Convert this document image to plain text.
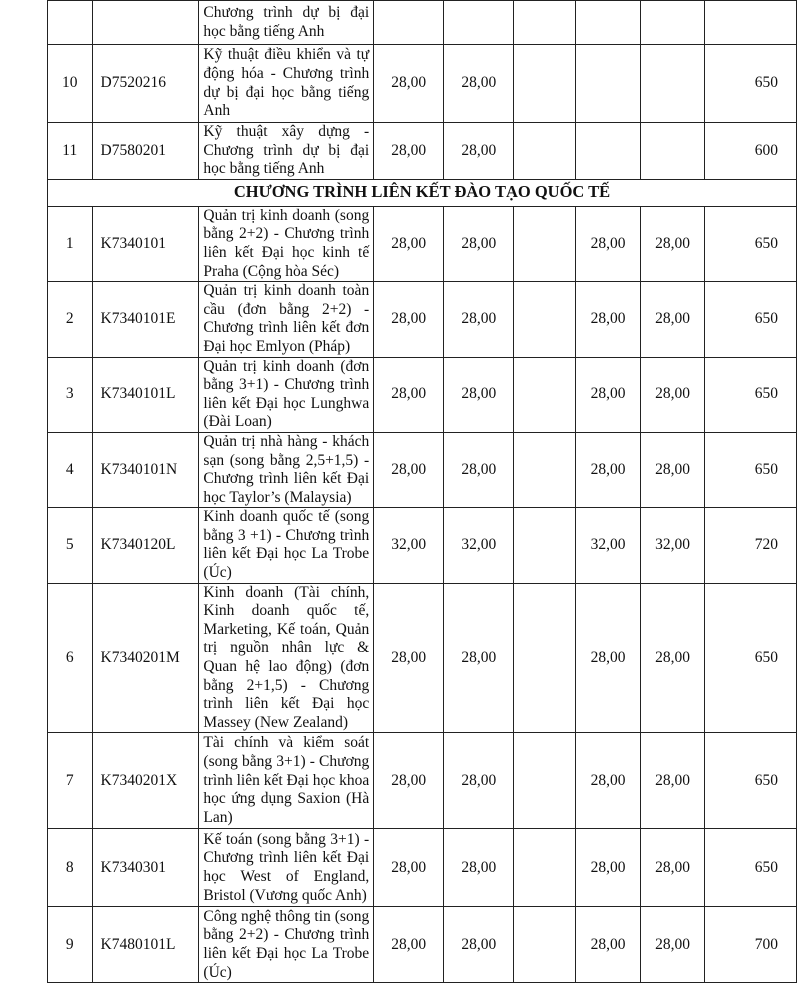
		Chương trình dự bị đại học bằng tiếng Anh						
10	D7520216	Kỹ thuật điều khiển và tự động hóa - Chương trình dự bị đại học bằng tiếng Anh	28,00	28,00				650
11	D7580201	Kỹ thuật xây dựng - Chương trình dự bị đại học bằng tiếng Anh	28,00	28,00				600
CHƯƠNG TRÌNH LIÊN KẾT ĐÀO TẠO QUỐC TẾ								
1	K7340101	Quản trị kinh doanh (song bằng 2+2) - Chương trình liên kết Đại học kinh tế Praha (Cộng hòa Séc)	28,00	28,00		28,00	28,00	650
2	K7340101E	Quản trị kinh doanh toàn cầu (đơn bằng 2+2) - Chương trình liên kết đơn Đại học Emlyon (Pháp)	28,00	28,00		28,00	28,00	650
3	K7340101L	Quản trị kinh doanh (đơn bằng 3+1) - Chương trình liên kết Đại học Lunghwa (Đài Loan)	28,00	28,00		28,00	28,00	650
4	K7340101N	Quản trị nhà hàng - khách sạn (song bằng 2,5+1,5) - Chương trình liên kết Đại học Taylor’s (Malaysia)	28,00	28,00		28,00	28,00	650
5	K7340120L	Kinh doanh quốc tế (song bằng 3 +1) - Chương trình liên kết Đại học La Trobe (Úc)	32,00	32,00		32,00	32,00	720
6	K7340201M	Kinh doanh (Tài chính, Kinh doanh quốc tế, Marketing, Kế toán, Quản trị nguồn nhân lực & Quan hệ lao động) (đơn bằng 2+1,5) - Chương trình liên kết Đại học Massey (New Zealand)	28,00	28,00		28,00	28,00	650
7	K7340201X	Tài chính và kiểm soát (song bằng 3+1) - Chương trình liên kết Đại học khoa học ứng dụng Saxion (Hà Lan)	28,00	28,00		28,00	28,00	650
8	K7340301	Kế toán (song bằng 3+1) - Chương trình liên kết Đại học West of England, Bristol (Vương quốc Anh)	28,00	28,00		28,00	28,00	650
9	K7480101L	Công nghệ thông tin (song bằng 2+2) - Chương trình liên kết Đại học La Trobe (Úc)	28,00	28,00		28,00	28,00	700
